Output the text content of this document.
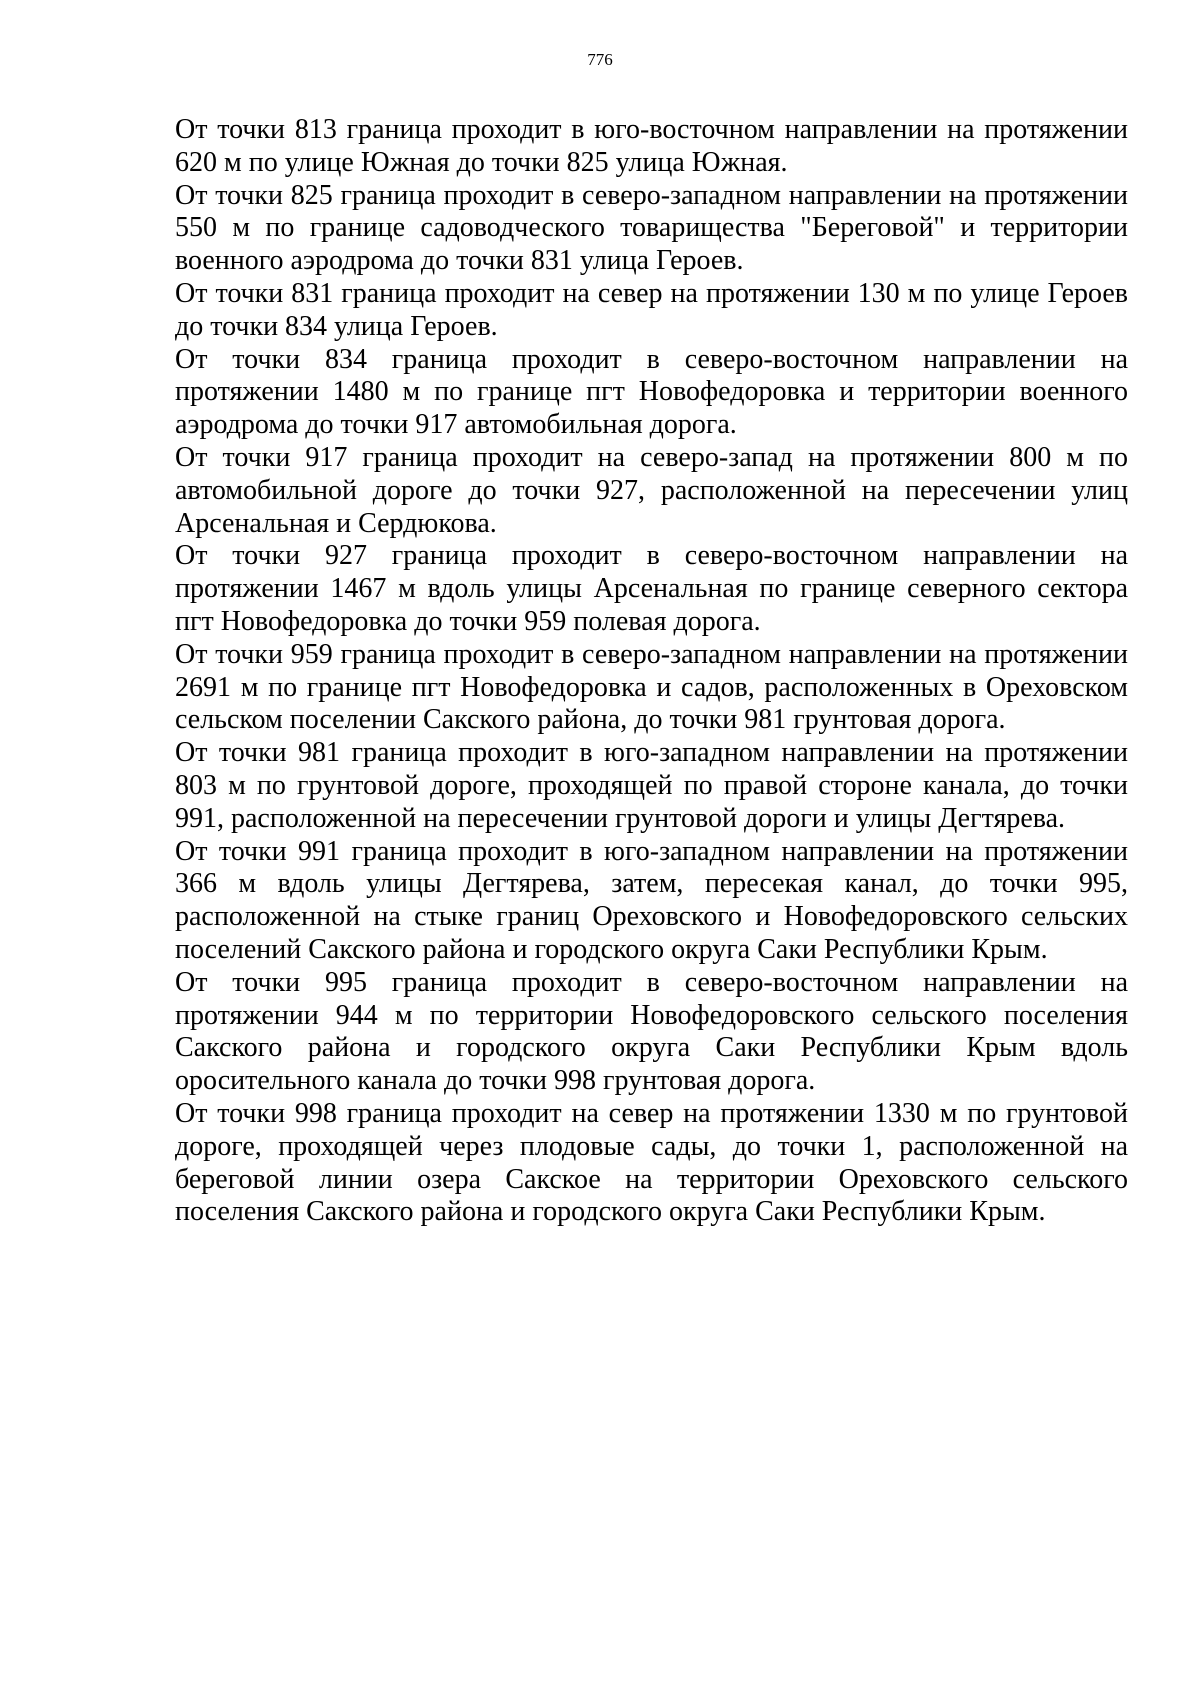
776

От точки 813 граница проходит в юго-восточном направлении на протяжении 620 м по улице Южная до точки 825 улица Южная.

От точки 825 граница проходит в северо-западном направлении на протяжении 550 м по границе садоводческого товарищества "Береговой" и территории военного аэродрома до точки 831 улица Героев.

От точки 831 граница проходит на север на протяжении 130 м по улице Героев до точки 834 улица Героев.

От точки 834 граница проходит в северо-восточном направлении на протяжении 1480 м по границе пгт Новофедоровка и территории военного аэродрома до точки 917 автомобильная дорога.

От точки 917 граница проходит на северо-запад на протяжении 800 м по автомобильной дороге до точки 927, расположенной на пересечении улиц Арсенальная и Сердюкова.

От точки 927 граница проходит в северо-восточном направлении на протяжении 1467 м вдоль улицы Арсенальная по границе северного сектора пгт Новофедоровка до точки 959 полевая дорога.

От точки 959 граница проходит в северо-западном направлении на протяжении 2691 м по границе пгт Новофедоровка и садов, расположенных в Ореховском сельском поселении Сакского района, до точки 981 грунтовая дорога.

От точки 981 граница проходит в юго-западном направлении на протяжении 803 м по грунтовой дороге, проходящей по правой стороне канала, до точки 991, расположенной на пересечении грунтовой дороги и улицы Дегтярева.

От точки 991 граница проходит в юго-западном направлении на протяжении 366 м вдоль улицы Дегтярева, затем, пересекая канал, до точки 995, расположенной на стыке границ Ореховского и Новофедоровского сельских поселений Сакского района и городского округа Саки Республики Крым.

От точки 995 граница проходит в северо-восточном направлении на протяжении 944 м по территории Новофедоровского сельского поселения Сакского района и городского округа Саки Республики Крым вдоль оросительного канала до точки 998 грунтовая дорога.

От точки 998 граница проходит на север на протяжении 1330 м по грунтовой дороге, проходящей через плодовые сады, до точки 1, расположенной на береговой линии озера Сакское на территории Ореховского сельского поселения Сакского района и городского округа Саки Республики Крым.
